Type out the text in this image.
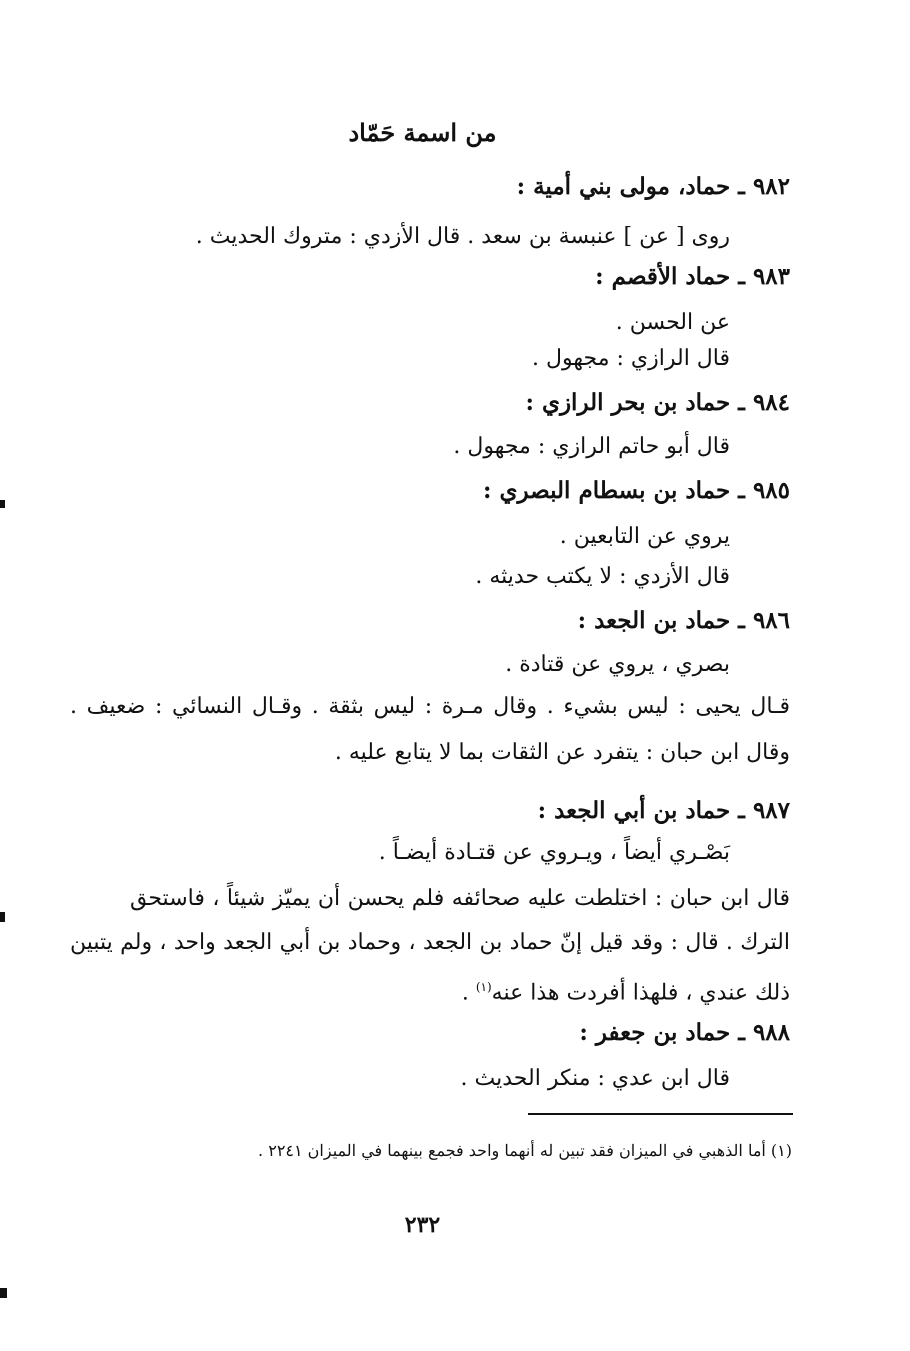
من اسمة حَمّاد
٩٨٢ ـ حماد، مولى بني أمية :
روى [ عن ] عنبسة بن سعد . قال الأزدي : متروك الحديث .
٩٨٣ ـ حماد الأقصم :
عن الحسن .
قال الرازي : مجهول .
٩٨٤ ـ حماد بن بحر الرازي :
قال أبو حاتم الرازي : مجهول .
٩٨٥ ـ حماد بن بسطام البصري :
يروي عن التابعين .
قال الأزدي : لا يكتب حديثه .
٩٨٦ ـ حماد بن الجعد :
بصري ، يروي عن قتادة .
قـال يحيى : ليس بشيء . وقال مـرة : ليس بثقة . وقـال النسائي : ضعيف .
وقال ابن حبان : يتفرد عن الثقات بما لا يتابع عليه .
٩٨٧ ـ حماد بن أبي الجعد :
بَصْـري أيضاً ، ويـروي عن قتـادة أيضـاً .
قال ابن حبان : اختلطت عليه صحائفه فلم يحسن أن يميّز شيئاً ، فاستحق
الترك . قال : وقد قيل إنّ حماد بن الجعد ، وحماد بن أبي الجعد واحد ، ولم يتبين
ذلك عندي ، فلهذا أفردت هذا عنه$^{(١)}$ .
٩٨٨ ـ حماد بن جعفر :
قال ابن عدي : منكر الحديث .
(١) أما الذهبي في الميزان فقد تبين له أنهما واحد فجمع بينهما في الميزان ٢٢٤١ .
٢٣٢
